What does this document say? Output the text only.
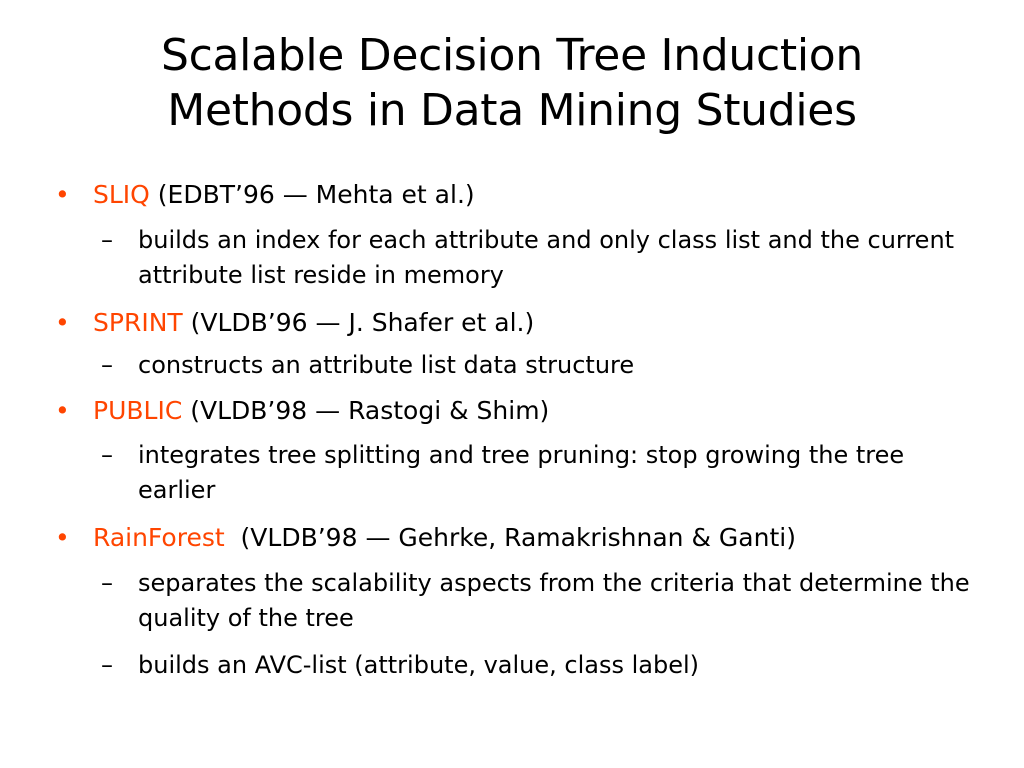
Scalable Decision Tree Induction
Methods in Data Mining Studies
• SLIQ (EDBT’96 — Mehta et al.)
– builds an index for each attribute and only class list and the current attribute list reside in memory
• SPRINT (VLDB’96 — J. Shafer et al.)
– constructs an attribute list data structure
• PUBLIC (VLDB’98 — Rastogi & Shim)
– integrates tree splitting and tree pruning: stop growing the tree earlier
• RainForest  (VLDB’98 — Gehrke, Ramakrishnan & Ganti)
– separates the scalability aspects from the criteria that determine the quality of the tree
– builds an AVC-list (attribute, value, class label)
